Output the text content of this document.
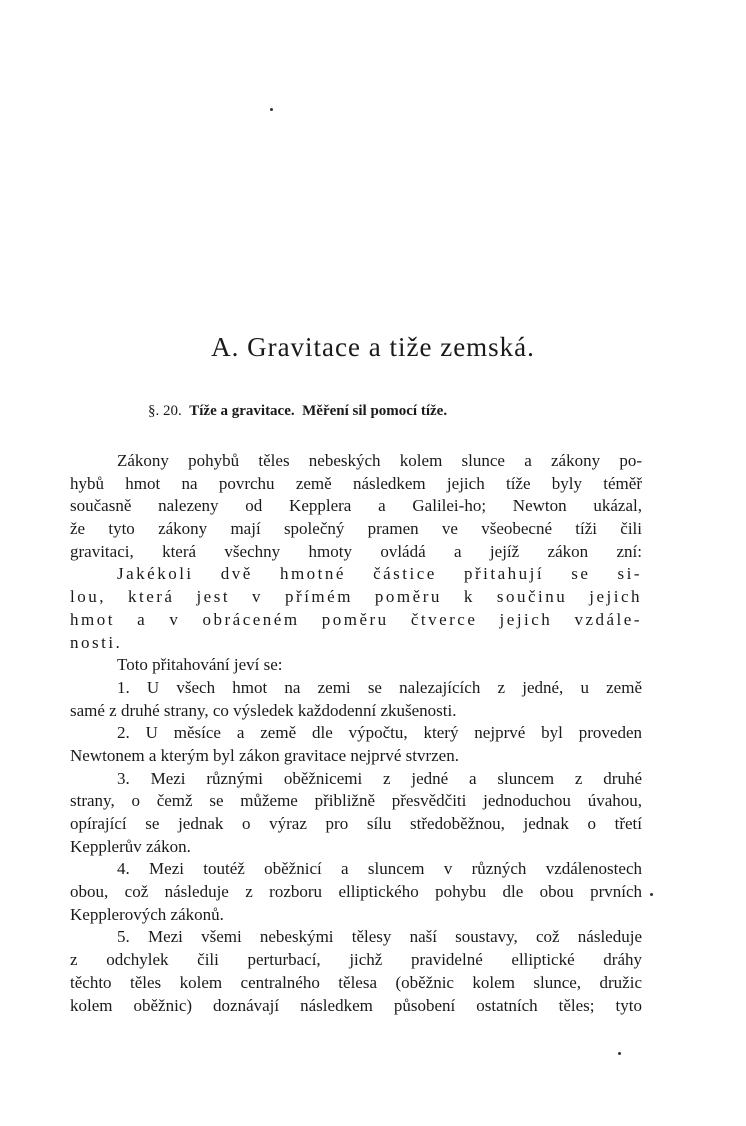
A. Gravitace a tiže zemská.
§. 20. Tíže a gravitace. Měření sil pomocí tíže.
Zákony pohybů těles nebeských kolem slunce a zákony po-
hybů hmot na povrchu země následkem jejich tíže byly téměř
současně nalezeny od Kepplera a Galilei-ho; Newton ukázal,
že tyto zákony mají společný pramen ve všeobecné tíži čili
gravitaci, která všechny hmoty ovládá a jejíž zákon zní:
Jakékoli dvě hmotné částice přitahují se si-
lou, která jest v přímém poměru k součinu jejich
hmot a v obráceném poměru čtverce jejich vzdále-
nosti.
Toto přitahování jeví se:
1. U všech hmot na zemi se nalezajících z jedné, u země
samé z druhé strany, co výsledek každodenní zkušenosti.
2. U měsíce a země dle výpočtu, který nejprvé byl proveden
Newtonem a kterým byl zákon gravitace nejprvé stvrzen.
3. Mezi různými oběžnicemi z jedné a sluncem z druhé
strany, o čemž se můžeme přibližně přesvědčiti jednoduchou úvahou,
opírající se jednak o výraz pro sílu středoběžnou, jednak o třetí
Kepplerův zákon.
4. Mezi toutéž oběžnicí a sluncem v různých vzdálenostech
obou, což následuje z rozboru elliptického pohybu dle obou prvních
Kepplerových zákonů.
5. Mezi všemi nebeskými tělesy naší soustavy, což následuje
z odchylek čili perturbací, jichž pravidelné elliptické dráhy
těchto těles kolem centralného tělesa (oběžnic kolem slunce, družic
kolem oběžnic) doznávají následkem působení ostatních těles; tyto
